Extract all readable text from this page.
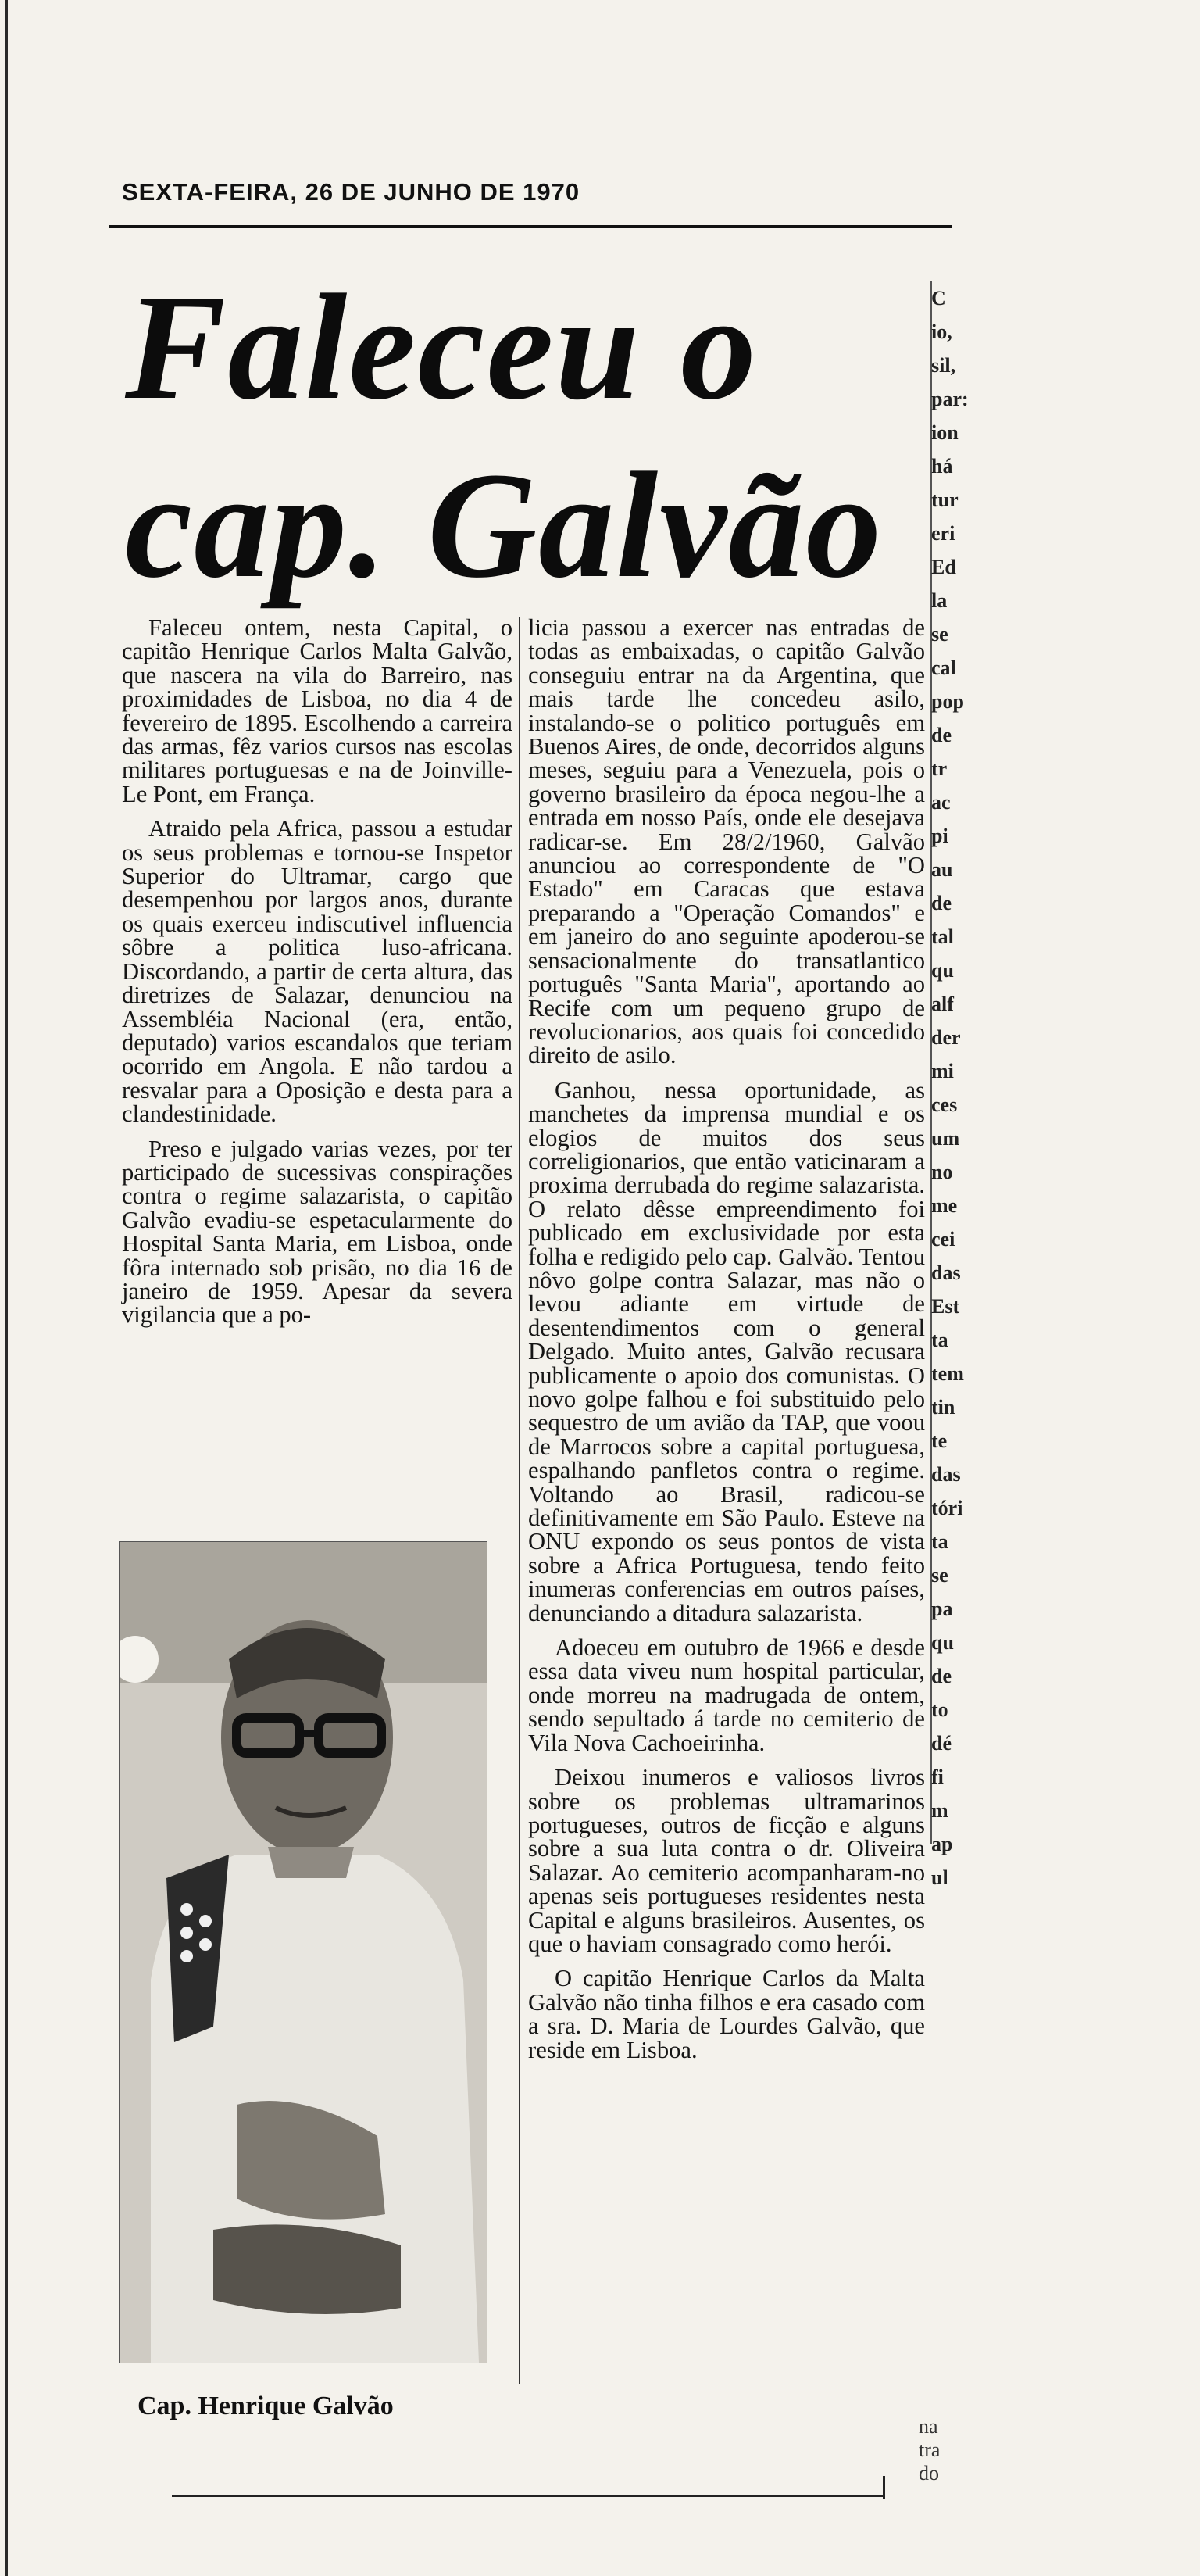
SEXTA-FEIRA, 26 DE JUNHO DE 1970
Faleceu o
cap. Galvão

Faleceu ontem, nesta Capital, o capitão Henrique Carlos Malta Galvão, que nascera na vila do Barreiro, nas proximidades de Lisboa, no dia 4 de fevereiro de 1895. Escolhendo a carreira das armas, fêz varios cursos nas escolas militares portuguesas e na de Joinville-Le Pont, em França.

Atraido pela Africa, passou a estudar os seus problemas e tornou-se Inspetor Superior do Ultramar, cargo que desempenhou por largos anos, durante os quais exerceu indiscutivel influencia sôbre a politica luso-africana. Discordando, a partir de certa altura, das diretrizes de Salazar, denunciou na Assembléia Nacional (era, então, deputado) varios escandalos que teriam ocorrido em Angola. E não tardou a resvalar para a Oposição e desta para a clandestinidade.

Preso e julgado varias vezes, por ter participado de sucessivas conspirações contra o regime salazarista, o capitão Galvão evadiu-se espetacularmente do Hospital Santa Maria, em Lisboa, onde fôra internado sob prisão, no dia 16 de janeiro de 1959. Apesar da severa vigilancia que a po-

licia passou a exercer nas entradas de todas as embaixadas, o capitão Galvão conseguiu entrar na da Argentina, que mais tarde lhe concedeu asilo, instalando-se o politico português em Buenos Aires, de onde, decorridos alguns meses, seguiu para a Venezuela, pois o governo brasileiro da época negou-lhe a entrada em nosso País, onde ele desejava radicar-se. Em 28/2/1960, Galvão anunciou ao correspondente de "O Estado" em Caracas que estava preparando a "Operação Comandos" e em janeiro do ano seguinte apoderou-se sensacionalmente do transatlantico português "Santa Maria", aportando ao Recife com um pequeno grupo de revolucionarios, aos quais foi concedido direito de asilo.

Ganhou, nessa oportunidade, as manchetes da imprensa mundial e os elogios de muitos dos seus correligionarios, que então vaticinaram a proxima derrubada do regime salazarista. O relato dêsse empreendimento foi publicado em exclusividade por esta folha e redigido pelo cap. Galvão. Tentou nôvo golpe contra Salazar, mas não o levou adiante em virtude de desentendimentos com o general Delgado. Muito antes, Galvão recusara publicamente o apoio dos comunistas. O novo golpe falhou e foi substituido pelo sequestro de um avião da TAP, que voou de Marrocos sobre a capital portuguesa, espalhando panfletos contra o regime. Voltando ao Brasil, radicou-se definitivamente em São Paulo. Esteve na ONU expondo os seus pontos de vista sobre a Africa Portuguesa, tendo feito inumeras conferencias em outros países, denunciando a ditadura salazarista.

Adoeceu em outubro de 1966 e desde essa data viveu num hospital particular, onde morreu na madrugada de ontem, sendo sepultado á tarde no cemiterio de Vila Nova Cachoeirinha.

Deixou inumeros e valiosos livros sobre os problemas ultramarinos portugueses, outros de ficção e alguns sobre a sua luta contra o dr. Oliveira Salazar. Ao cemiterio acompanharam-no apenas seis portugueses residentes nesta Capital e alguns brasileiros. Ausentes, os que o haviam consagrado como herói.

O capitão Henrique Carlos da Malta Galvão não tinha filhos e era casado com a sra. D. Maria de Lourdes Galvão, que reside em Lisboa.

Cap. Henrique Galvão
C
io,
sil,
par:
ion
há
tur
eri
Ed
la
se
cal
pop
de
tr
ac
pi
au
de
tal
qu
alf
der
mi
ces
um
no
me
cei
das
Est
ta
tem
tin
te
das
tóri
ta
se
pa
qu
de
to
dé
fi
m
ap
ul
na
tra
do
